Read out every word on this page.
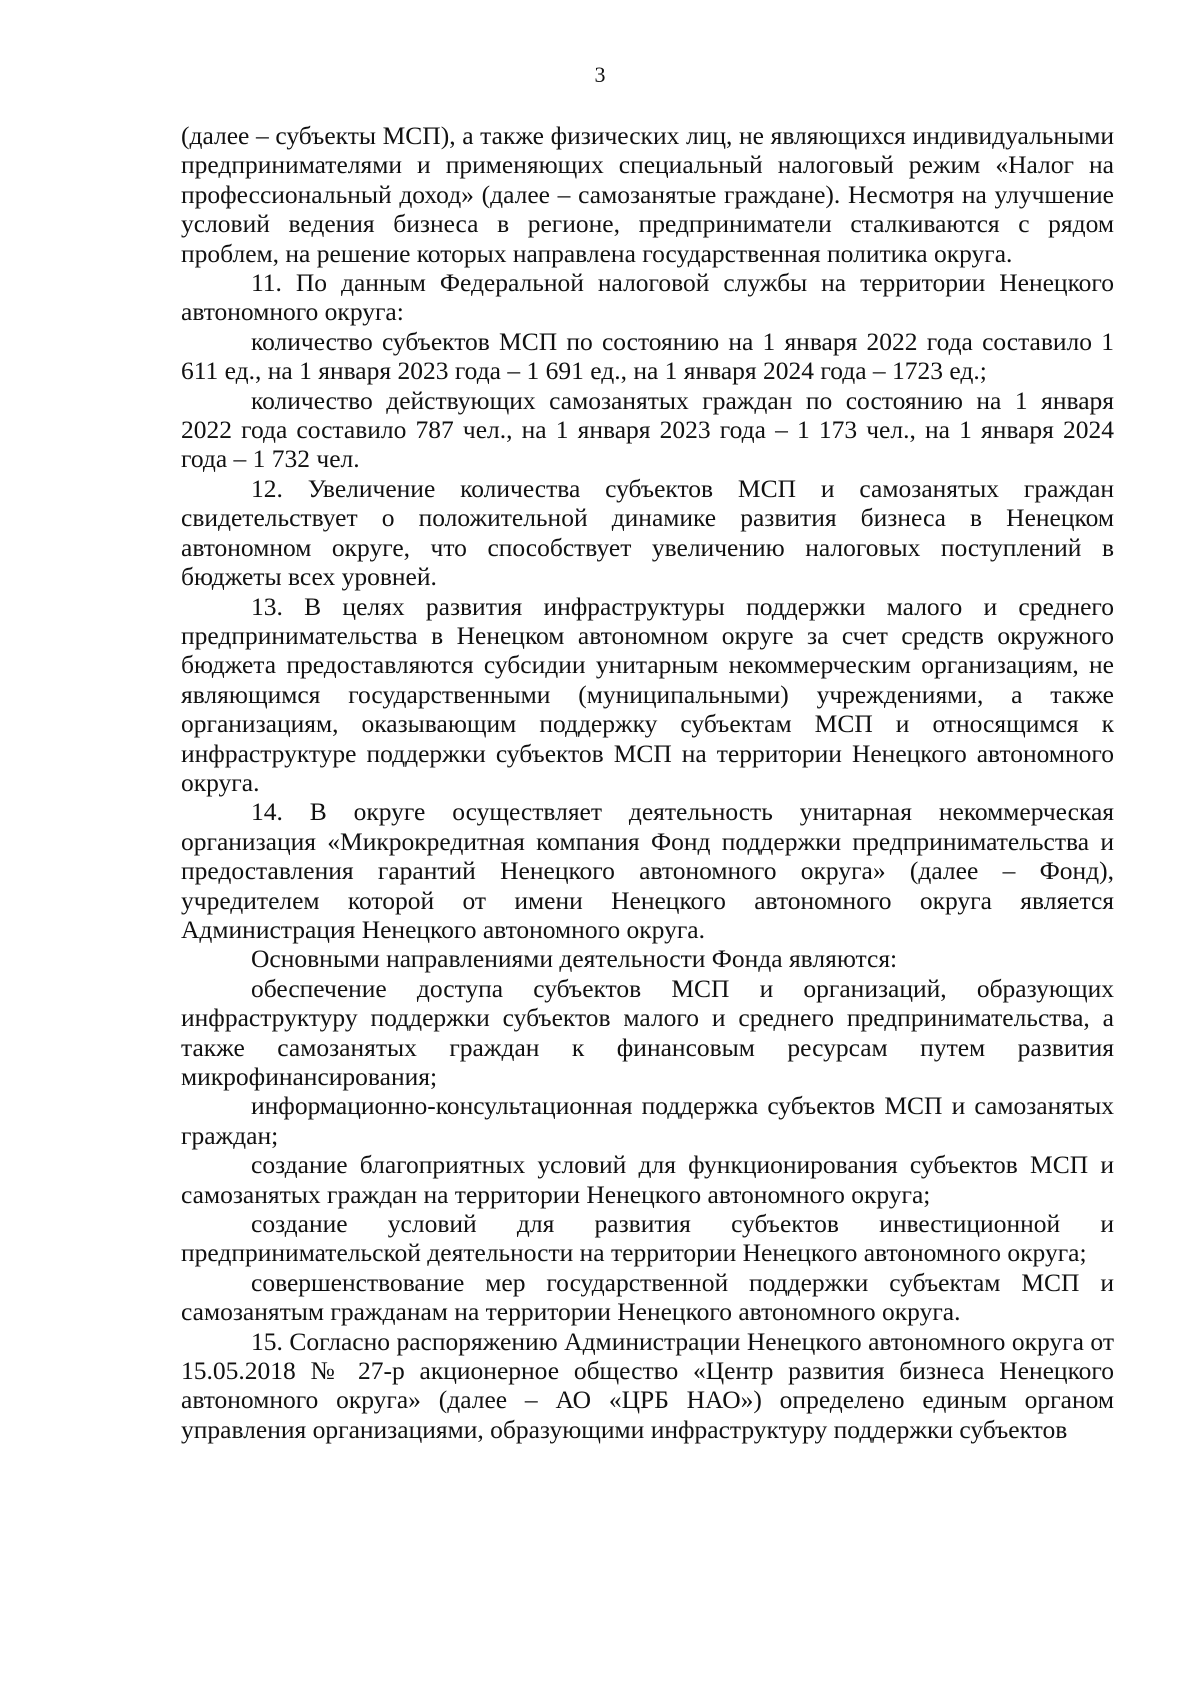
3

(далее – субъекты МСП), а также физических лиц, не являющихся индивидуальными предпринимателями и применяющих специальный налоговый режим «Налог на профессиональный доход» (далее – самозанятые граждане). Несмотря на улучшение условий ведения бизнеса в регионе, предприниматели сталкиваются с рядом проблем, на решение которых направлена государственная политика округа.

11. По данным Федеральной налоговой службы на территории Ненецкого автономного округа:

количество субъектов МСП по состоянию на 1 января 2022 года составило 1 611 ед., на 1 января 2023 года – 1 691 ед., на 1 января 2024 года – 1723 ед.;

количество действующих самозанятых граждан по состоянию на 1 января 2022 года составило 787 чел., на 1 января 2023 года – 1 173 чел., на 1 января 2024 года – 1 732 чел.

12. Увеличение количества субъектов МСП и самозанятых граждан свидетельствует о положительной динамике развития бизнеса в Ненецком автономном округе, что способствует увеличению налоговых поступлений в бюджеты всех уровней.

13. В целях развития инфраструктуры поддержки малого и среднего предпринимательства в Ненецком автономном округе за счет средств окружного бюджета предоставляются субсидии унитарным некоммерческим организациям, не являющимся государственными (муниципальными) учреждениями, а также организациям, оказывающим поддержку субъектам МСП и относящимся к инфраструктуре поддержки субъектов МСП на территории Ненецкого автономного округа.

14. В округе осуществляет деятельность унитарная некоммерческая организация «Микрокредитная компания Фонд поддержки предпринимательства и предоставления гарантий Ненецкого автономного округа» (далее – Фонд), учредителем которой от имени Ненецкого автономного округа является Администрация Ненецкого автономного округа.

Основными направлениями деятельности Фонда являются:

обеспечение доступа субъектов МСП и организаций, образующих инфраструктуру поддержки субъектов малого и среднего предпринимательства, а также самозанятых граждан к финансовым ресурсам путем развития микрофинансирования;

информационно-консультационная поддержка субъектов МСП и самозанятых граждан;

создание благоприятных условий для функционирования субъектов МСП и самозанятых граждан на территории Ненецкого автономного округа;

создание условий для развития субъектов инвестиционной и предпринимательской деятельности на территории Ненецкого автономного округа;

совершенствование мер государственной поддержки субъектам МСП и самозанятым гражданам на территории Ненецкого автономного округа.

15. Согласно распоряжению Администрации Ненецкого автономного округа от 15.05.2018 № 27-р акционерное общество «Центр развития бизнеса Ненецкого автономного округа» (далее – АО «ЦРБ НАО») определено единым органом управления организациями, образующими инфраструктуру поддержки субъектов
